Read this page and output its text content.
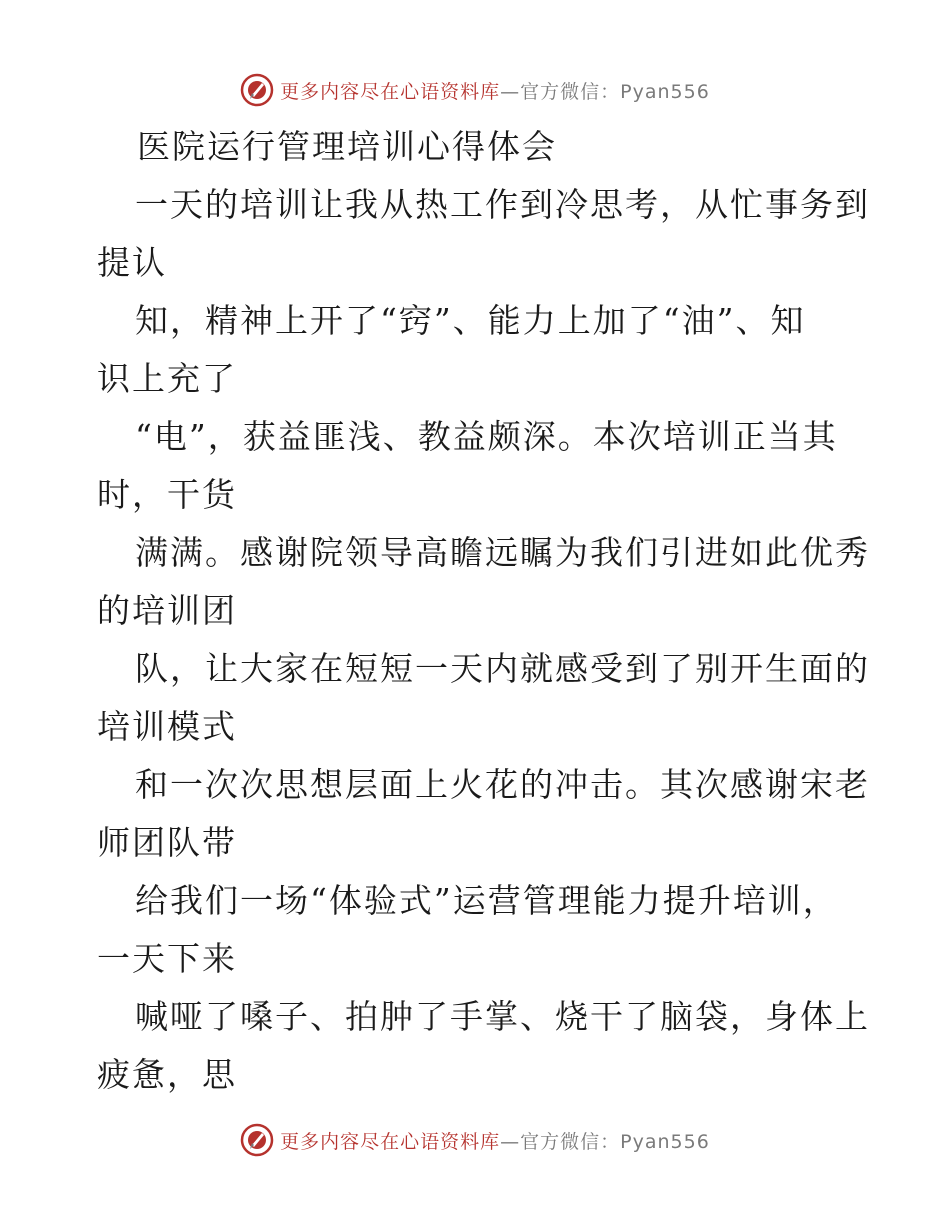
更多内容尽在心语资料库—官方微信：Pyan556
医院运行管理培训心得体会
一天的培训让我从热工作到冷思考，从忙事务到
提认
知，精神上开了“窍”、能力上加了“油”、知
识上充了
“电”，获益匪浅、教益颇深。本次培训正当其
时，干货
满满。感谢院领导高瞻远瞩为我们引进如此优秀
的培训团
队，让大家在短短一天内就感受到了别开生面的
培训模式
和一次次思想层面上火花的冲击。其次感谢宋老
师团队带
给我们一场“体验式”运营管理能力提升培训，
一天下来
喊哑了嗓子、拍肿了手掌、烧干了脑袋，身体上
疲惫，思
更多内容尽在心语资料库—官方微信：Pyan556
